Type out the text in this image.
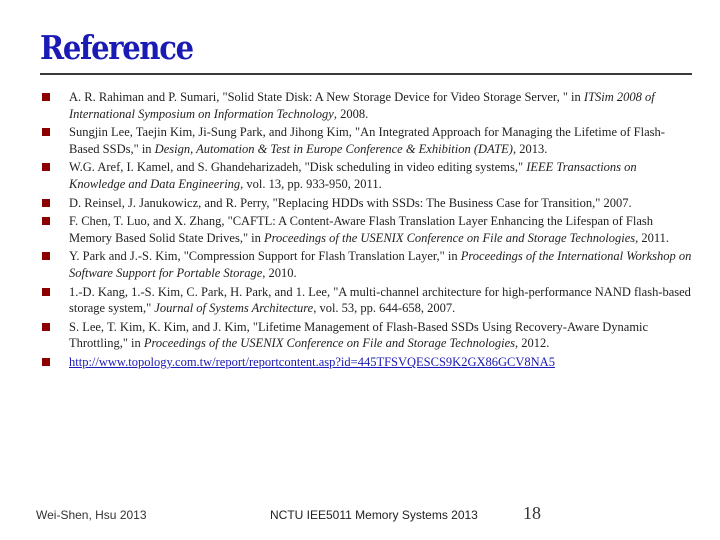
Reference
A. R. Rahiman and P. Sumari, "Solid State Disk: A New Storage Device for Video Storage Server, " in ITSim 2008 of International Symposium on Information Technology, 2008.
Sungjin Lee, Taejin Kim, Ji-Sung Park, and Jihong Kim, "An Integrated Approach for Managing the Lifetime of Flash-Based SSDs," in Design, Automation & Test in Europe Conference & Exhibition (DATE), 2013.
W.G. Aref, I. Kamel, and S. Ghandeharizadeh, "Disk scheduling in video editing systems," IEEE Transactions on Knowledge and Data Engineering, vol. 13, pp. 933-950, 2011.
D. Reinsel, J. Janukowicz, and R. Perry, "Replacing HDDs with SSDs: The Business Case for Transition," 2007.
F. Chen, T. Luo, and X. Zhang, "CAFTL: A Content-Aware Flash Translation Layer Enhancing the Lifespan of Flash Memory Based Solid State Drives," in Proceedings of the USENIX Conference on File and Storage Technologies, 2011.
Y. Park and J.-S. Kim, "Compression Support for Flash Translation Layer," in Proceedings of the International Workshop on Software Support for Portable Storage, 2010.
1.-D. Kang, 1.-S. Kim, C. Park, H. Park, and 1. Lee, "A multi-channel architecture for high-performance NAND flash-based storage system," Journal of Systems Architecture, vol. 53, pp. 644-658, 2007.
S. Lee, T. Kim, K. Kim, and J. Kim, "Lifetime Management of Flash-Based SSDs Using Recovery-Aware Dynamic Throttling," in Proceedings of the USENIX Conference on File and Storage Technologies, 2012.
http://www.topology.com.tw/report/reportcontent.asp?id=445TFSVQESCS9K2GX86GCV8NA5
Wei-Shen, Hsu 2013	NCTU IEE5011 Memory Systems 2013	18
